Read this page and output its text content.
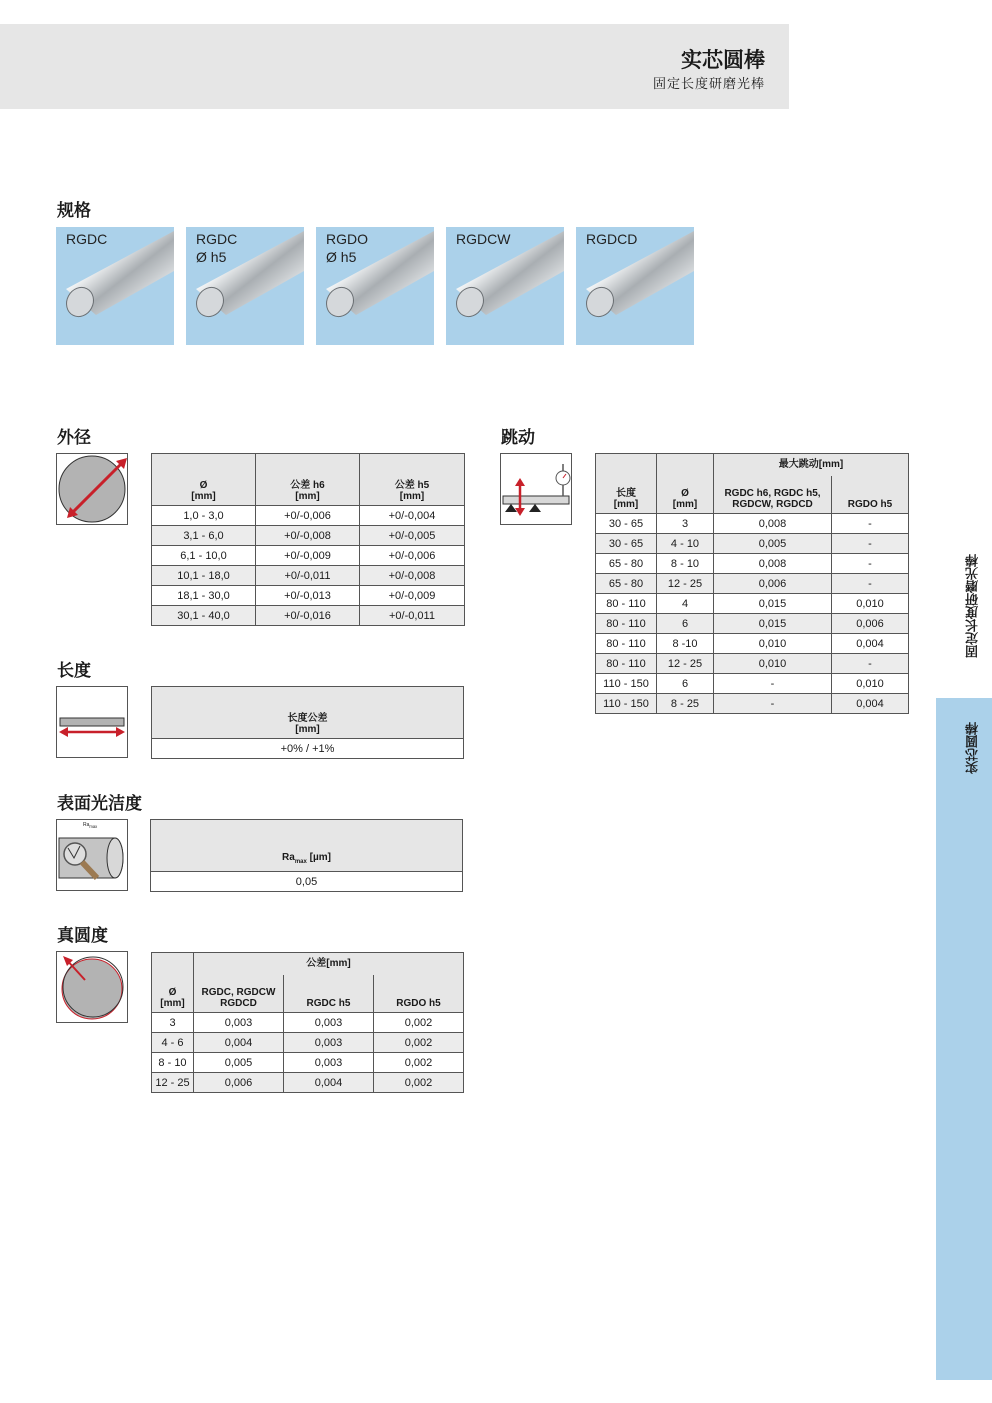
实芯圆棒
固定长度研磨光棒
固定长度研磨光棒
实芯圆棒
规格
RGDC	RGDC
Ø h5
RGDO
Ø h5
RGDCW	RGDCD
外径
Ø
[mm]	公差 h6
[mm]	公差 h5
[mm]
1,0 - 3,0	+0/-0,006	+0/-0,004
3,1 - 6,0	+0/-0,008	+0/-0,005
6,1 - 10,0	+0/-0,009	+0/-0,006
10,1 - 18,0	+0/-0,011	+0/-0,008
18,1 - 30,0	+0/-0,013	+0/-0,009
30,1 - 40,0	+0/-0,016	+0/-0,011
长度
长度公差
[mm]
+0% / +1%
表面光洁度
$Ra_{max}$
$Ra_{max}$ [µm]
0,05
真圆度
Ø
[mm]	公差[mm]		
	RGDC, RGDCW
RGDCD	RGDC h5	RGDO h5
3	0,003	0,003	0,002
4 - 6	0,004	0,003	0,002
8 - 10	0,005	0,003	0,002
12 - 25	0,006	0,004	0,002
跳动
长度
[mm]	Ø
[mm]	最大跳动[mm]	
		RGDC h6, RGDC h5,
RGDCW, RGDCD	RGDO h5
30 - 65	3	0,008	-
30 - 65	4 - 10	0,005	-
65 - 80	8 - 10	0,008	-
65 - 80	12 - 25	0,006	-
80 - 110	4	0,015	0,010
80 - 110	6	0,015	0,006
80 - 110	8 -10	0,010	0,004
80 - 110	12 - 25	0,010	-
110 - 150	6	-	0,010
110 - 150	8 - 25	-	0,004
